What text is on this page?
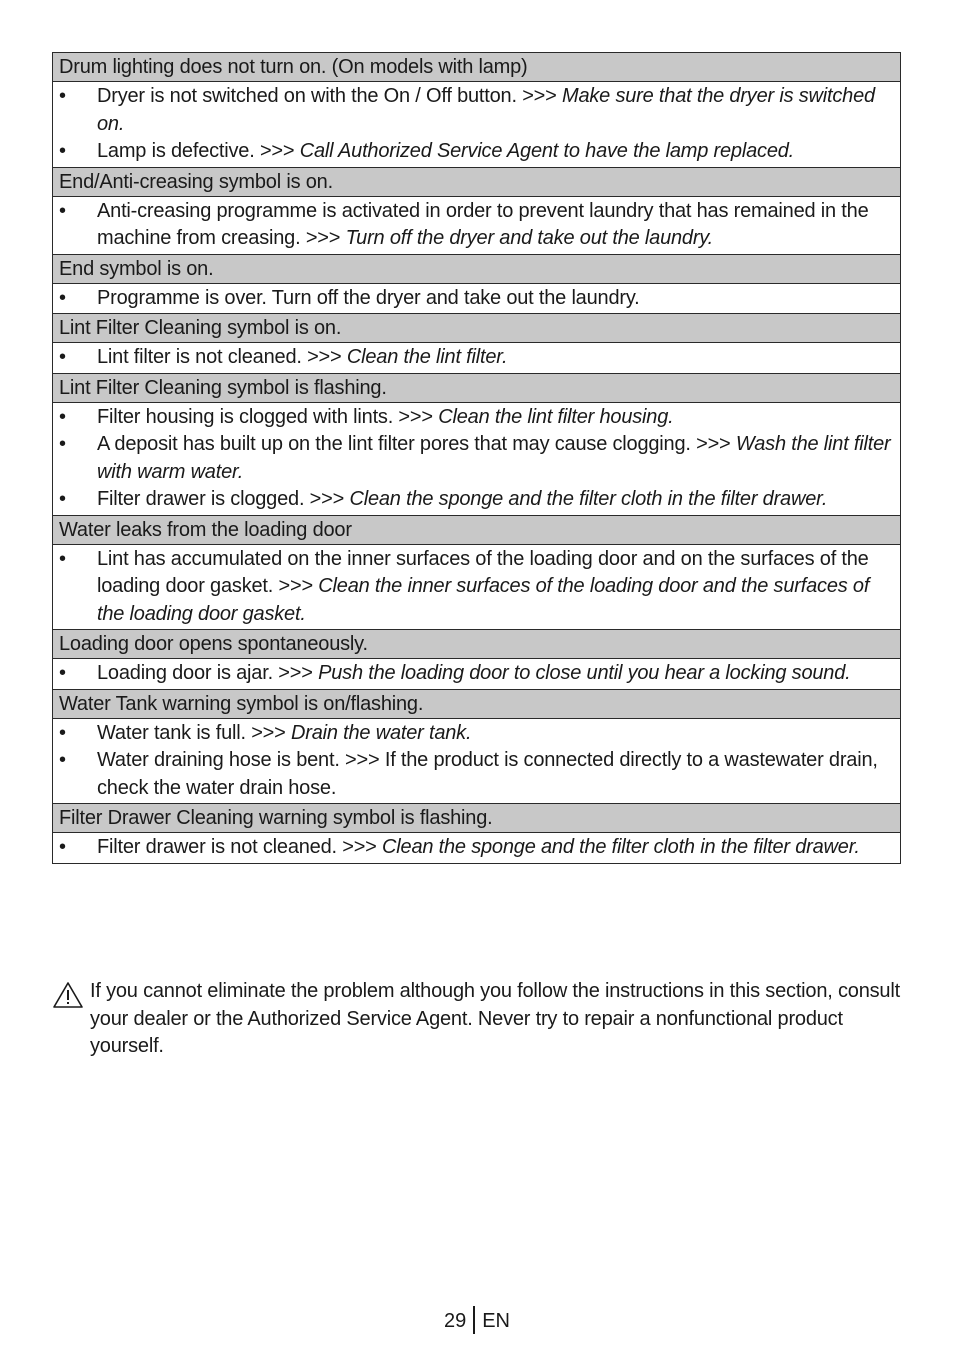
Drum lighting does not turn on. (On models with lamp)
• Dryer is not switched on with the On / Off button. >>> Make sure that the dryer is switched on.
• Lamp is defective. >>> Call Authorized Service Agent to have the lamp replaced.
End/Anti-creasing symbol is on.
• Anti-creasing programme is activated in order to prevent laundry that has remained in the machine from creasing. >>> Turn off the dryer and take out the laundry.
End symbol is on.
• Programme is over. Turn off the dryer and take out the laundry.
Lint Filter Cleaning symbol is on.
• Lint filter is not cleaned. >>> Clean the lint filter.
Lint Filter Cleaning symbol is flashing.
• Filter housing is clogged with lints. >>> Clean the lint filter housing.
• A deposit has built up on the lint filter pores that may cause clogging. >>> Wash the lint filter with warm water.
• Filter drawer is clogged. >>> Clean the sponge and the filter cloth in the filter drawer.
Water leaks from the loading door
• Lint has accumulated on the inner surfaces of the loading door and on the surfaces of the loading door gasket. >>> Clean the inner surfaces of the loading door and the surfaces of the loading door gasket.
Loading door opens spontaneously.
• Loading door is ajar. >>> Push the loading door to close until you hear a locking sound.
Water Tank warning symbol is on/flashing.
• Water tank is full. >>> Drain the water tank.
• Water draining hose is bent. >>> If the product is connected directly to a wastewater drain, check the water drain hose.
Filter Drawer Cleaning warning symbol is flashing.
• Filter drawer is not cleaned. >>> Clean the sponge and the filter cloth in the filter drawer.
If you cannot eliminate the problem although you follow the instructions in this section, consult your dealer or the Authorized Service Agent. Never try to repair a nonfunctional product yourself.
29 EN
